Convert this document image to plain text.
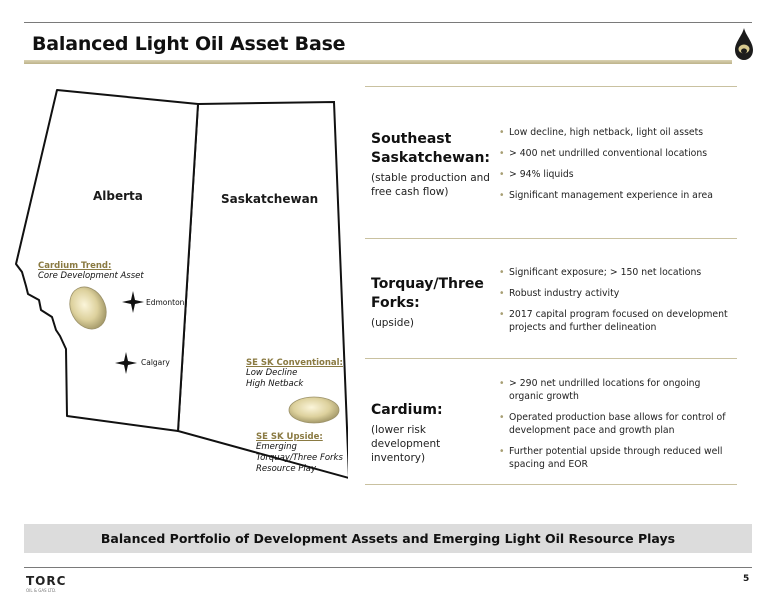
Balanced Light Oil Asset Base
Alberta	Saskatchewan
Cardium Trend:
Core Development Asset
Edmonton
Calgary	SE SK Conventional:
Low Decline
High Netback
SE SK Upside:
Emerging
Torquay/Three Forks
Resource Play
Southeast
Saskatchewan:
(stable production and
free cash flow)
• Low decline, high netback, light oil assets
• > 400 net undrilled conventional locations
• > 94% liquids
• Significant management experience in area
Torquay/Three
Forks:
(upside)
• Significant exposure; > 150 net locations
• Robust industry activity
• 2017 capital program focused on development projects and further delineation
Cardium:
(lower risk
development inventory)
• > 290 net undrilled locations for ongoing organic growth
• Operated production base allows for control of development pace and growth plan
• Further potential upside through reduced well spacing and EOR
Balanced Portfolio of Development Assets and Emerging Light Oil Resource Plays
TORC
OIL & GAS LTD.
5
